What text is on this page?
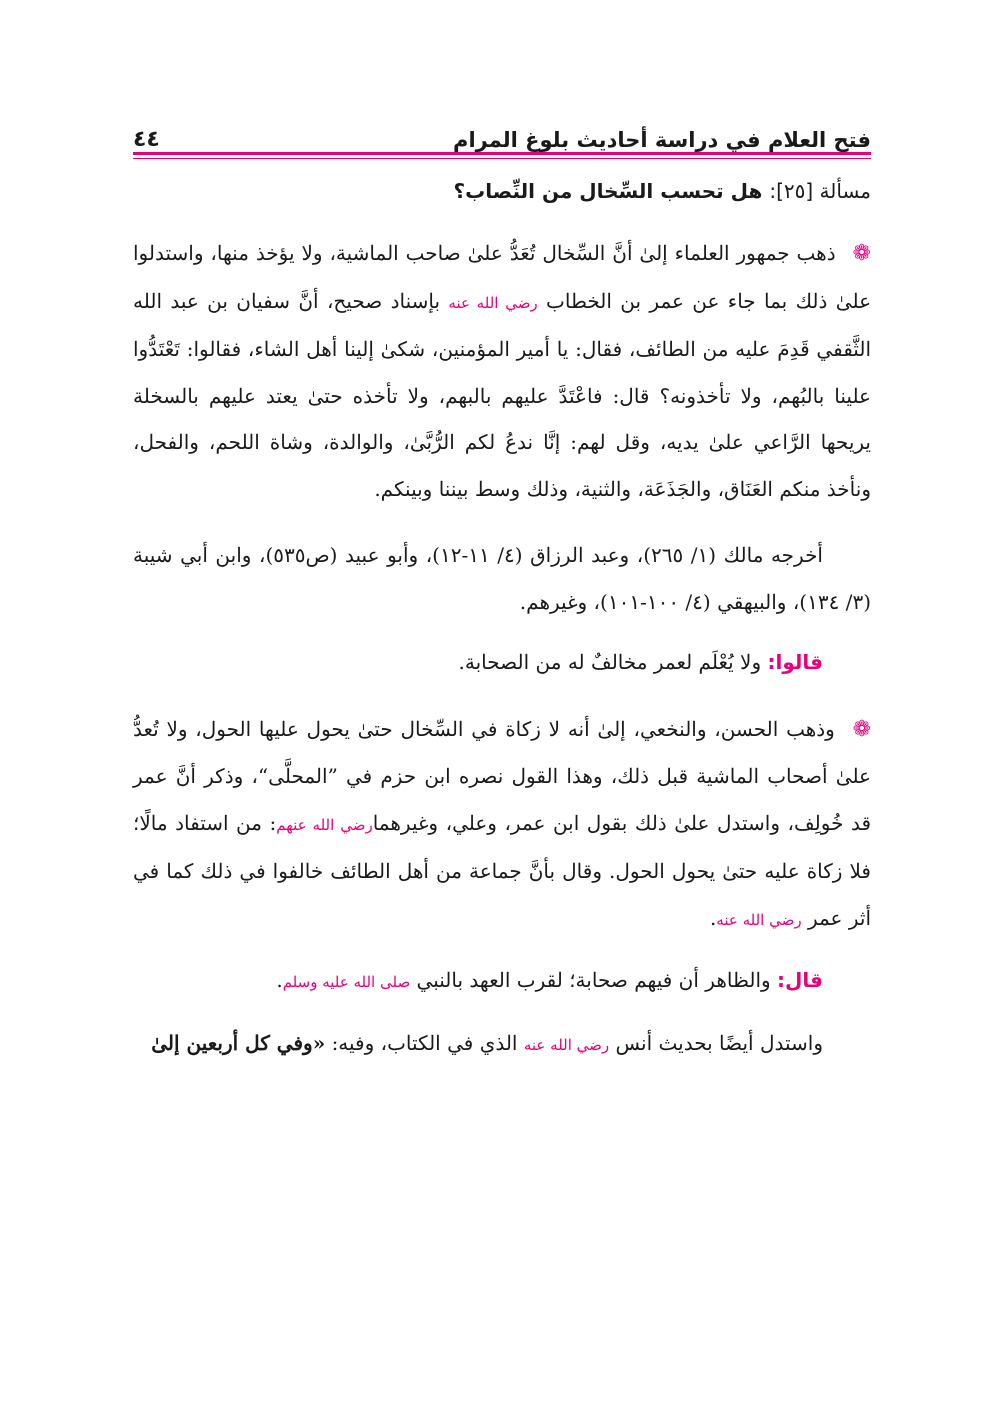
فتح العلام في دراسة أحاديث بلوغ المرام
٤٤
مسألة [٢٥]: هل تحسب السِّخال من النِّصاب؟

❁ ذهب جمهور العلماء إلىٰ أنَّ السِّخال تُعَدُّ علىٰ صاحب الماشية، ولا يؤخذ منها، واستدلوا علىٰ ذلك بما جاء عن عمر بن الخطاب رضي الله عنه بإسناد صحيح، أنَّ سفيان بن عبد الله الثَّقفي قَدِمَ عليه من الطائف، فقال: يا أمير المؤمنين، شكىٰ إلينا أهل الشاء، فقالوا: تَعْتَدُّوا علينا بالبُهم، ولا تأخذونه؟ قال: فاعْتَدَّ عليهم بالبهم، ولا تأخذه حتىٰ يعتد عليهم بالسخلة يريحها الرَّاعي علىٰ يديه، وقل لهم: إنَّا ندعُ لكم الرُّبَّىٰ، والوالدة، وشاة اللحم، والفحل، ونأخذ منكم العَنَاق، والجَذَعَة، والثنية، وذلك وسط بيننا وبينكم.

أخرجه مالك (١/ ٢٦٥)، وعبد الرزاق (٤/ ١١-١٢)، وأبو عبيد (ص٥٣٥)، وابن أبي شيبة (٣/ ١٣٤)، والبيهقي (٤/ ١٠٠-١٠١)، وغيرهم.

قالوا: ولا يُعْلَم لعمر مخالفٌ له من الصحابة.

❁ وذهب الحسن، والنخعي، إلىٰ أنه لا زكاة في السِّخال حتىٰ يحول عليها الحول، ولا تُعدُّ علىٰ أصحاب الماشية قبل ذلك، وهذا القول نصره ابن حزم في ”المحلَّى“، وذكر أنَّ عمر قد خُولِف، واستدل علىٰ ذلك بقول ابن عمر، وعلي، وغيرهمارضي الله عنهم: من استفاد مالًا؛ فلا زكاة عليه حتىٰ يحول الحول. وقال بأنَّ جماعة من أهل الطائف خالفوا في ذلك كما في أثر عمر رضي الله عنه.

قال: والظاهر أن فيهم صحابة؛ لقرب العهد بالنبي صلى الله عليه وسلم.

واستدل أيضًا بحديث أنس رضي الله عنه الذي في الكتاب، وفيه: «وفي كل أربعين إلىٰ
